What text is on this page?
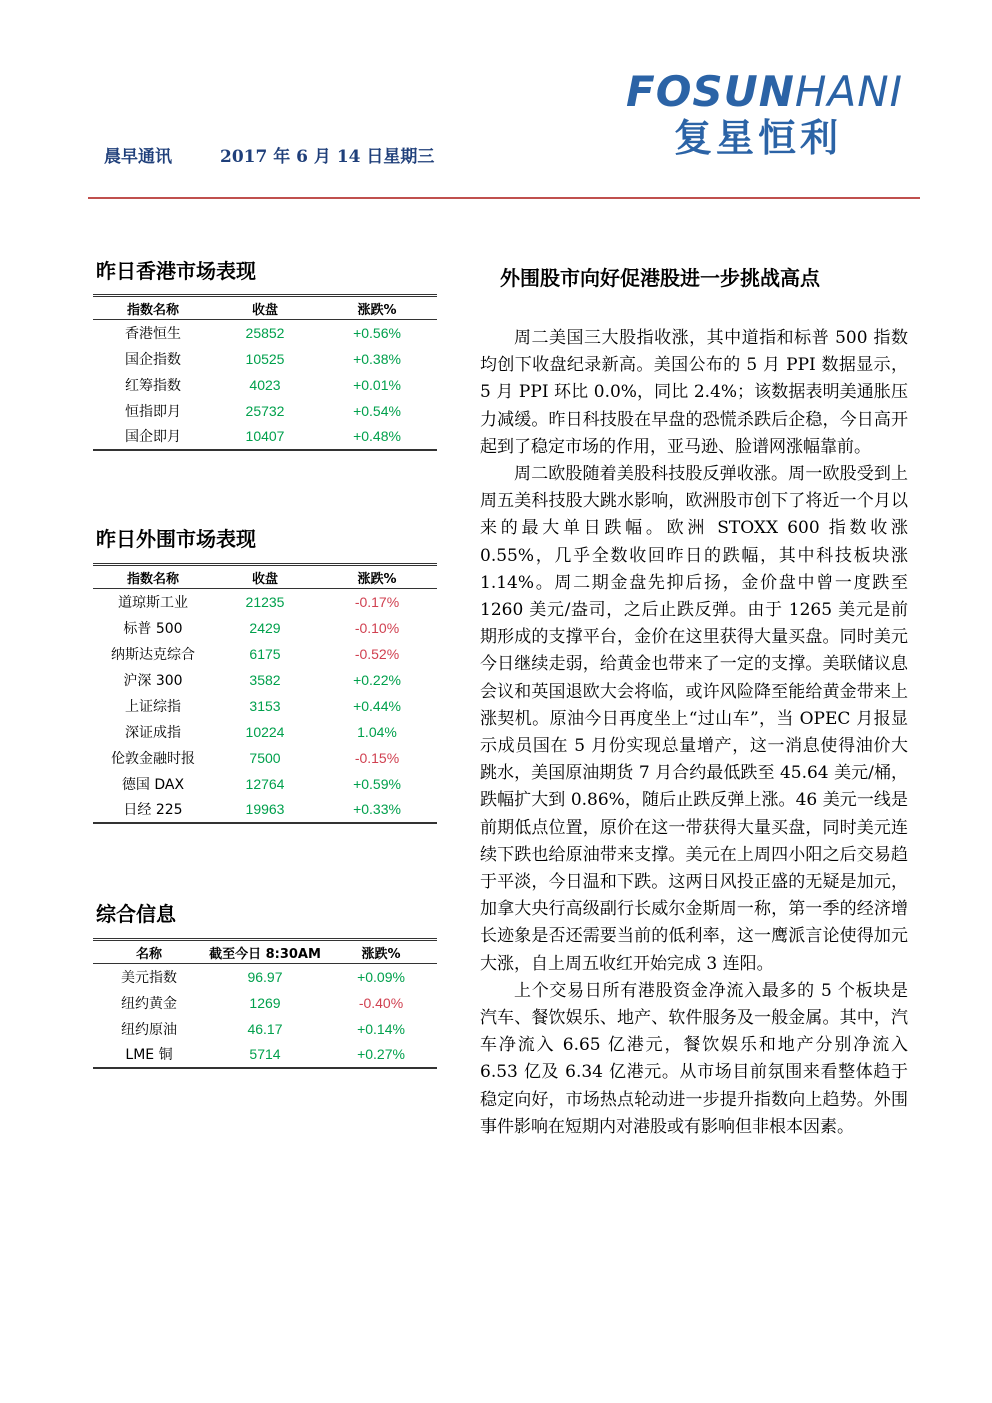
晨早通讯	2017 年 6 月 14 日星期三
FOSUNHANI
复星恒利
昨日香港市场表现
指数名称	收盘	涨跌%
香港恒生	25852	+0.56%
国企指数	10525	+0.38%
红筹指数	4023	+0.01%
恒指即月	25732	+0.54%
国企即月	10407	+0.48%
昨日外围市场表现
指数名称	收盘	涨跌%
道琼斯工业	21235	-0.17%
标普 500	2429	-0.10%
纳斯达克综合	6175	-0.52%
沪深 300	3582	+0.22%
上证综指	3153	+0.44%
深证成指	10224	1.04%
伦敦金融时报	7500	-0.15%
德国 DAX	12764	+0.59%
日经 225	19963	+0.33%
综合信息
名称	截至今日 8:30AM	涨跌%
美元指数	96.97	+0.09%
纽约黄金	1269	-0.40%
纽约原油	46.17	+0.14%
LME 铜	5714	+0.27%
外围股市向好促港股进一步挑战高点

周二美国三大股指收涨，其中道指和标普 500 指数均创下收盘纪录新高。美国公布的 5 月 PPI 数据显示，5 月 PPI 环比 0.0%，同比 2.4%；该数据表明美通胀压力减缓。昨日科技股在早盘的恐慌杀跌后企稳，今日高开起到了稳定市场的作用，亚马逊、脸谱网涨幅靠前。

周二欧股随着美股科技股反弹收涨。周一欧股受到上周五美科技股大跳水影响，欧洲股市创下了将近一个月以来的最大单日跌幅。欧洲 STOXX 600 指数收涨 0.55%，几乎全数收回昨日的跌幅，其中科技板块涨 1.14%。周二期金盘先抑后扬，金价盘中曾一度跌至 1260 美元/盎司，之后止跌反弹。由于 1265 美元是前期形成的支撑平台，金价在这里获得大量买盘。同时美元今日继续走弱，给黄金也带来了一定的支撑。美联储议息会议和英国退欧大会将临，或许风险降至能给黄金带来上涨契机。原油今日再度坐上“过山车”，当 OPEC 月报显示成员国在 5 月份实现总量增产，这一消息使得油价大跳水，美国原油期货 7 月合约最低跌至 45.64 美元/桶，跌幅扩大到 0.86%，随后止跌反弹上涨。46 美元一线是前期低点位置，原价在这一带获得大量买盘，同时美元连续下跌也给原油带来支撑。美元在上周四小阳之后交易趋于平淡，今日温和下跌。这两日风投正盛的无疑是加元，加拿大央行高级副行长威尔金斯周一称，第一季的经济增长迹象是否还需要当前的低利率，这一鹰派言论使得加元大涨，自上周五收红开始完成 3 连阳。

上个交易日所有港股资金净流入最多的 5 个板块是汽车、餐饮娱乐、地产、软件服务及一般金属。其中，汽车净流入 6.65 亿港元，餐饮娱乐和地产分别净流入 6.53 亿及 6.34 亿港元。从市场目前氛围来看整体趋于稳定向好，市场热点轮动进一步提升指数向上趋势。外围事件影响在短期内对港股或有影响但非根本因素。
